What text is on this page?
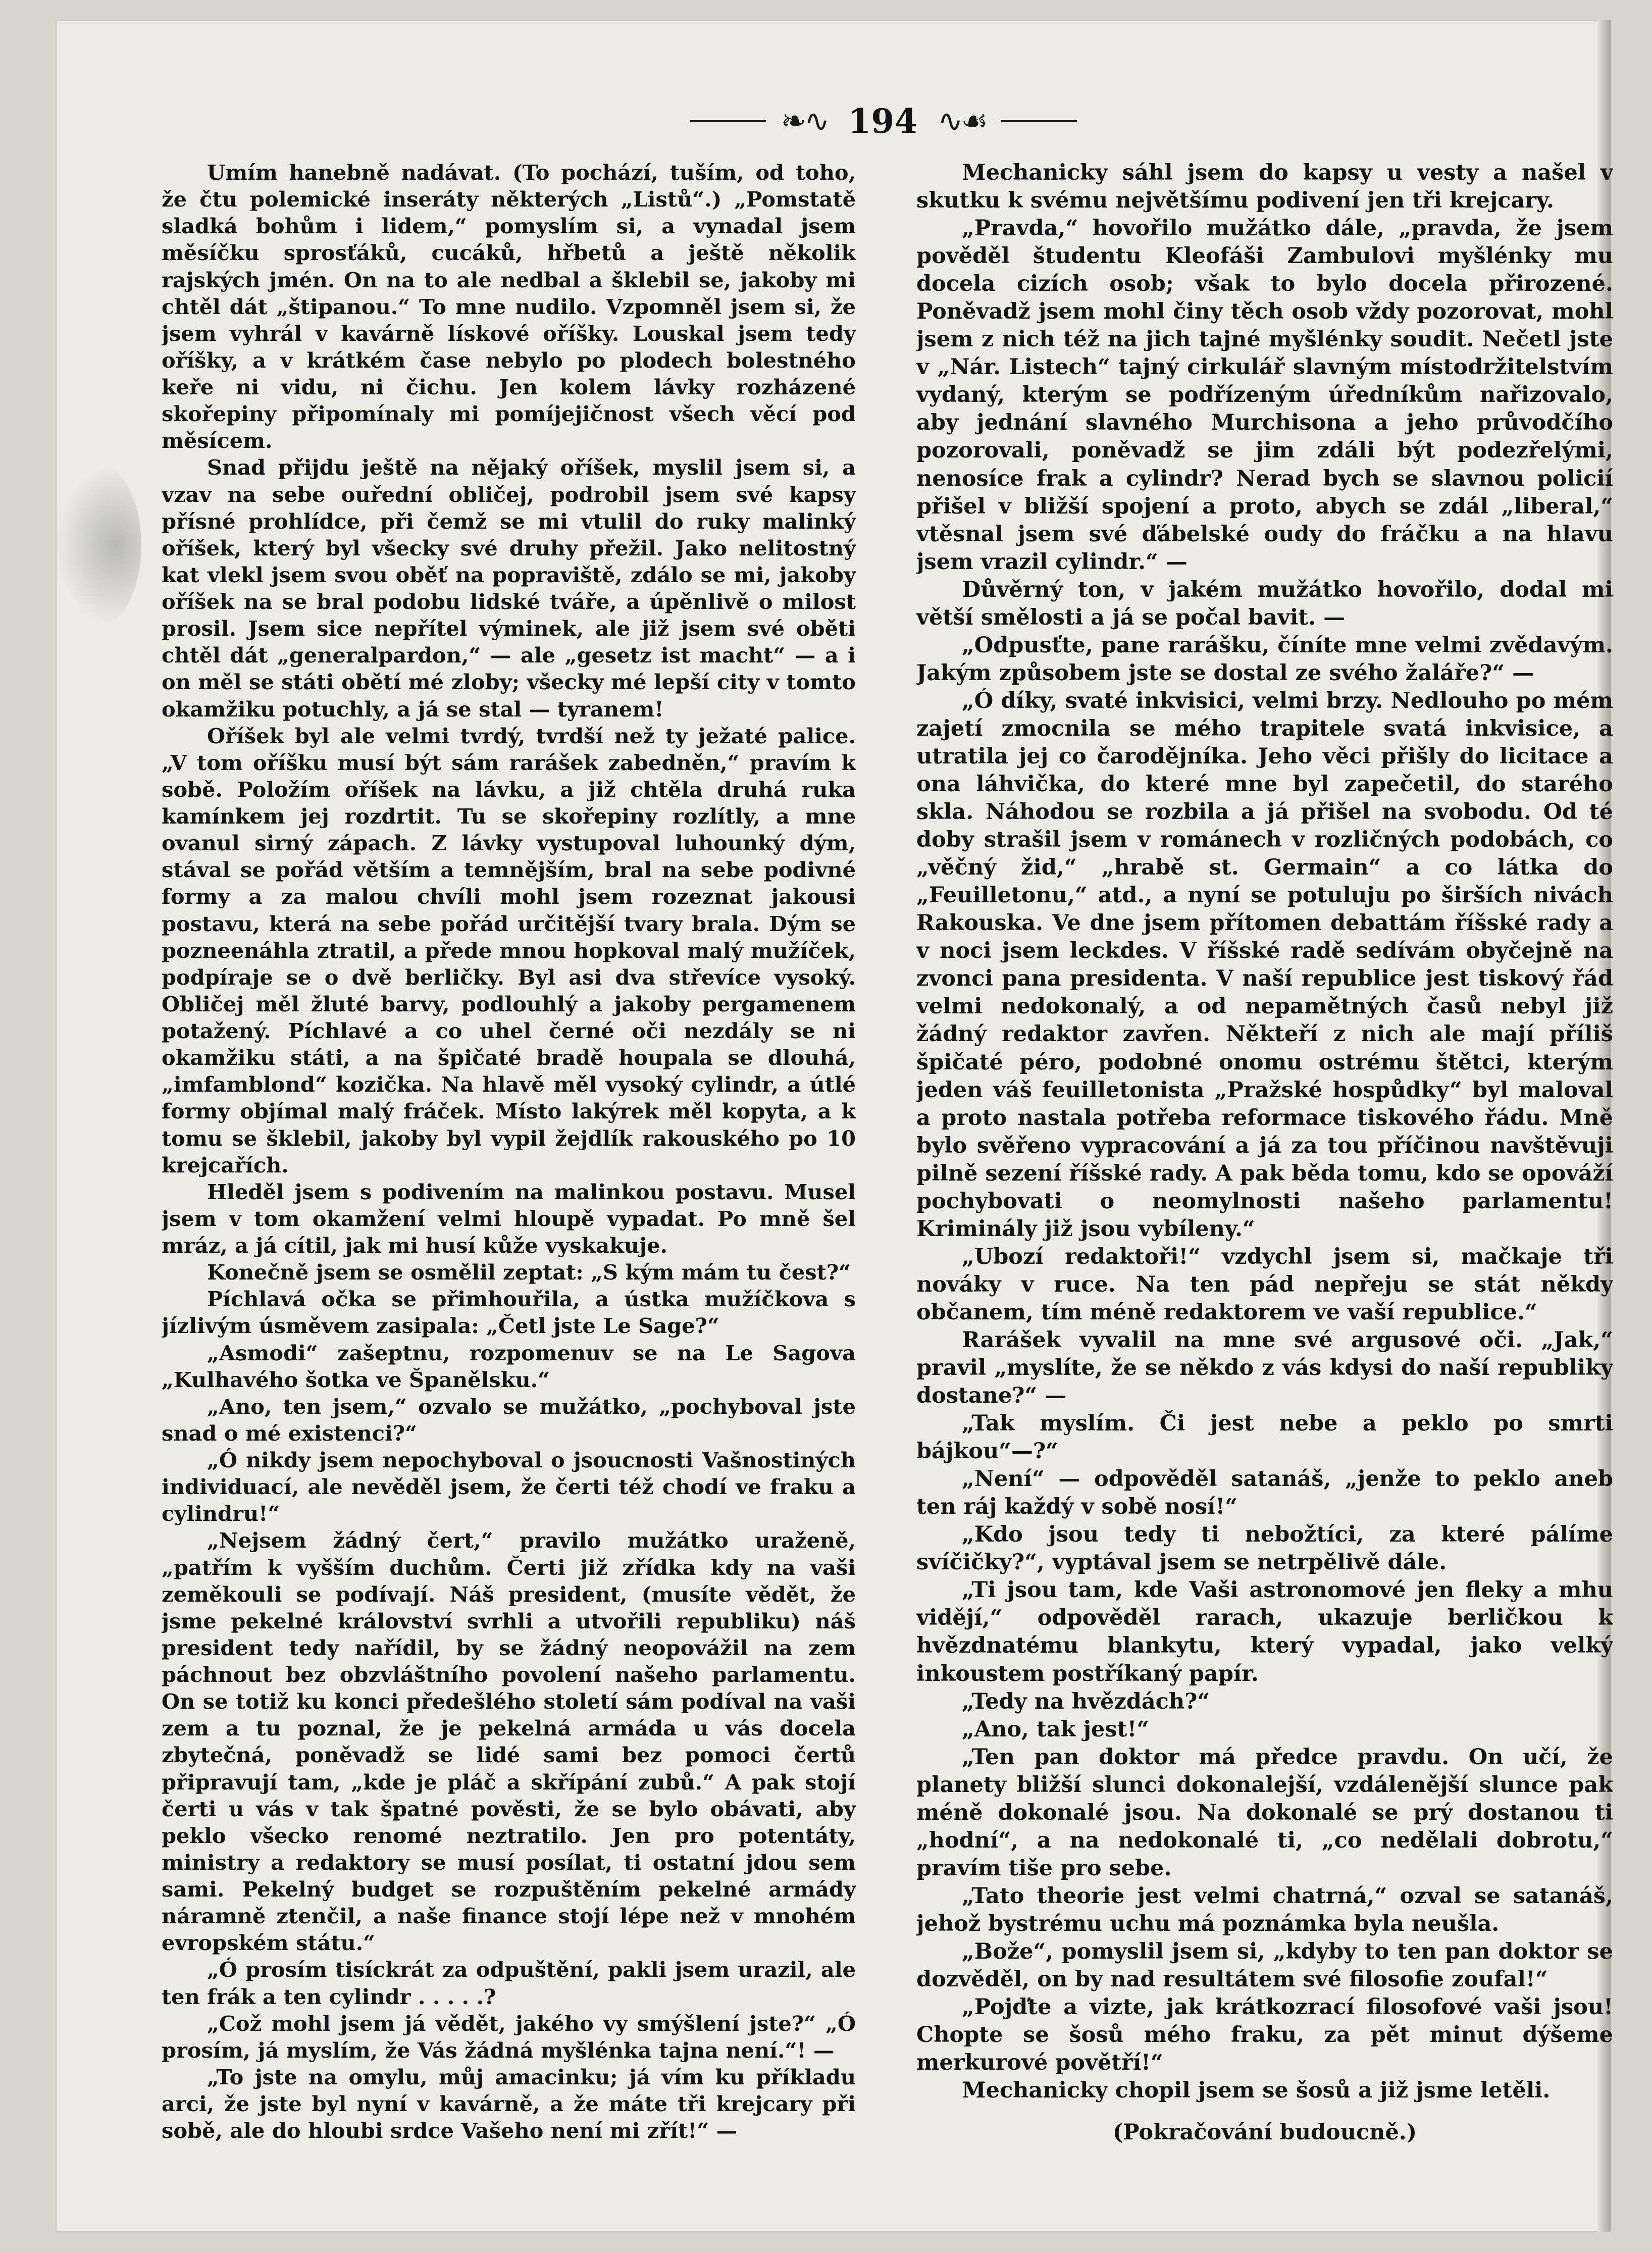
❧∿ 194 ∿☙

Umím hanebně nadávat. (To pochází, tuším, od toho, že čtu polemické inseráty některých „Listů“.) „Pomstatě sladká bohům i lidem,“ pomyslím si, a vynadal jsem měsíčku sprosťáků, cucáků, hřbetů a ještě několik rajských jmén. On na to ale nedbal a šklebil se, jakoby mi chtěl dát „štipanou.“ To mne nudilo. Vzpomněl jsem si, že jsem vyhrál v kavárně lískové oříšky. Louskal jsem tedy oříšky, a v krátkém čase nebylo po plodech bolestného keře ni vidu, ni čichu. Jen kolem lávky rozházené skořepiny připomínaly mi pomíjejičnost všech věcí pod měsícem.

Snad přijdu ještě na nějaký oříšek, myslil jsem si, a vzav na sebe ouřední obličej, podrobil jsem své kapsy přísné prohlídce, při čemž se mi vtulil do ruky malinký oříšek, který byl všecky své druhy přežil. Jako nelitostný kat vlekl jsem svou oběť na popraviště, zdálo se mi, jakoby oříšek na se bral podobu lidské tváře, a úpěnlivě o milost prosil. Jsem sice nepřítel výminek, ale již jsem své oběti chtěl dát „generalpardon,“ — ale „gesetz ist macht“ — a i on měl se státi obětí mé zloby; všecky mé lepší city v tomto okamžiku potuchly, a já se stal — tyranem!

Oříšek byl ale velmi tvrdý, tvrdší než ty ježaté palice. „V tom oříšku musí být sám rarášek zabedněn,“ pravím k sobě. Položím oříšek na lávku, a již chtěla druhá ruka kamínkem jej rozdrtit. Tu se skořepiny rozlítly, a mne ovanul sirný zápach. Z lávky vystupoval luhounký dým, stával se pořád větším a temnějším, bral na sebe podivné formy a za malou chvíli mohl jsem rozeznat jakousi postavu, která na sebe pořád určitější tvary brala. Dým se pozneenáhla ztratil, a přede mnou hopkoval malý mužíček, podpíraje se o dvě berličky. Byl asi dva střevíce vysoký. Obličej měl žluté barvy, podlouhlý a jakoby pergamenem potažený. Píchlavé a co uhel černé oči nezdály se ni okamžiku státi, a na špičaté bradě houpala se dlouhá, „imfamblond“ kozička. Na hlavě měl vysoký cylindr, a útlé formy objímal malý fráček. Místo lakýrek měl kopyta, a k tomu se šklebil, jakoby byl vypil žejdlík rakouského po 10 krejcařích.

Hleděl jsem s podivením na malinkou postavu. Musel jsem v tom okamžení velmi hloupě vypadat. Po mně šel mráz, a já cítil, jak mi husí kůže vyskakuje.

Konečně jsem se osmělil zeptat: „S kým mám tu čest?“

Píchlavá očka se přimhouřila, a ústka mužíčkova s jízlivým úsměvem zasipala: „Četl jste Le Sage?“

„Asmodi“ zašeptnu, rozpomenuv se na Le Sagova „Kulhavého šotka ve Španělsku.“

„Ano, ten jsem,“ ozvalo se mužátko, „pochyboval jste snad o mé existenci?“

„Ó nikdy jsem nepochyboval o jsoucnosti Vašnostiných individuací, ale nevěděl jsem, že čerti též chodí ve fraku a cylindru!“

„Nejsem žádný čert,“ pravilo mužátko uraženě, „patřím k vyšším duchům. Čerti již zřídka kdy na vaši zeměkouli se podívají. Náš president, (musíte vědět, že jsme pekelné království svrhli a utvořili republiku) náš president tedy nařídil, by se žádný neopovážil na zem páchnout bez obzvláštního povolení našeho parlamentu. On se totiž ku konci předešlého století sám podíval na vaši zem a tu poznal, že je pekelná armáda u vás docela zbytečná, poněvadž se lidé sami bez pomoci čertů připravují tam, „kde je pláč a skřípání zubů.“ A pak stojí čerti u vás v tak špatné pověsti, že se bylo obávati, aby peklo všecko renomé neztratilo. Jen pro potentáty, ministry a redaktory se musí posílat, ti ostatní jdou sem sami. Pekelný budget se rozpuštěním pekelné armády náramně ztenčil, a naše finance stojí lépe než v mnohém evropském státu.“

„Ó prosím tisíckrát za odpuštění, pakli jsem urazil, ale ten frák a ten cylindr . . . . .?

„Což mohl jsem já vědět, jakého vy smýšlení jste?“ „Ó prosím, já myslím, že Vás žádná myšlénka tajna není.“! —

„To jste na omylu, můj amacinku; já vím ku příkladu arci, že jste byl nyní v kavárně, a že máte tři krejcary při sobě, ale do hloubi srdce Vašeho není mi zřít!“ —

Mechanicky sáhl jsem do kapsy u vesty a našel v skutku k svému největšímu podivení jen tři krejcary.

„Pravda,“ hovořilo mužátko dále, „pravda, že jsem pověděl študentu Kleofáši Zambulovi myšlénky mu docela cizích osob; však to bylo docela přirozené. Poněvadž jsem mohl činy těch osob vždy pozorovat, mohl jsem z nich též na jich tajné myšlénky soudit. Nečetl jste v „Nár. Listech“ tajný cirkulář slavným místodržitelstvím vydaný, kterým se podřízeným úředníkům nařizovalo, aby jednání slavného Murchisona a jeho průvodčího pozorovali, poněvadž se jim zdáli být podezřelými, nenosíce frak a cylindr? Nerad bych se slavnou policií přišel v bližší spojení a proto, abych se zdál „liberal,“ vtěsnal jsem své ďábelské oudy do fráčku a na hlavu jsem vrazil cylindr.“ —

Důvěrný ton, v jakém mužátko hovořilo, dodal mi větší smělosti a já se počal bavit. —

„Odpusťte, pane rarášku, číníte mne velmi zvědavým. Jakým způsobem jste se dostal ze svého žaláře?“ —

„Ó díky, svaté inkvisici, velmi brzy. Nedlouho po mém zajetí zmocnila se mého trapitele svatá inkvisice, a utratila jej co čarodějníka. Jeho věci přišly do licitace a ona láhvička, do které mne byl zapečetil, do starého skla. Náhodou se rozbila a já přišel na svobodu. Od té doby strašil jsem v románech v rozličných podobách, co „věčný žid,“ „hrabě st. Germain“ a co látka do „Feuilletonu,“ atd., a nyní se potuluju po širších nivách Rakouska. Ve dne jsem přítomen debattám říšské rady a v noci jsem leckdes. V říšské radě sedívám obyčejně na zvonci pana presidenta. V naší republice jest tiskový řád velmi nedokonalý, a od nepamětných časů nebyl již žádný redaktor zavřen. Někteří z nich ale mají příliš špičaté péro, podobné onomu ostrému štětci, kterým jeden váš feuilletonista „Pražské hospůdky“ byl maloval a proto nastala potřeba reformace tiskového řádu. Mně bylo svěřeno vypracování a já za tou příčinou navštěvuji pilně sezení říšské rady. A pak běda tomu, kdo se opováží pochybovati o neomylnosti našeho parlamentu! Kriminály již jsou vybíleny.“

„Ubozí redaktoři!“ vzdychl jsem si, mačkaje tři nováky v ruce. Na ten pád nepřeju se stát někdy občanem, tím méně redaktorem ve vaší republice.“

Rarášek vyvalil na mne své argusové oči. „Jak,“ pravil „myslíte, že se někdo z vás kdysi do naší republiky dostane?“ —

„Tak myslím. Či jest nebe a peklo po smrti bájkou“—?“

„Není“ — odpověděl satanáš, „jenže to peklo aneb ten ráj každý v sobě nosí!“

„Kdo jsou tedy ti nebožtíci, za které pálíme svíčičky?“, vyptával jsem se netrpělivě dále.

„Ti jsou tam, kde Vaši astronomové jen fleky a mhu vidějí,“ odpověděl rarach, ukazuje berličkou k hvězdnatému blankytu, který vypadal, jako velký inkoustem postříkaný papír.

„Tedy na hvězdách?“

„Ano, tak jest!“

„Ten pan doktor má předce pravdu. On učí, že planety bližší slunci dokonalejší, vzdálenější slunce pak méně dokonalé jsou. Na dokonalé se prý dostanou ti „hodní“, a na nedokonalé ti, „co nedělali dobrotu,“ pravím tiše pro sebe.

„Tato theorie jest velmi chatrná,“ ozval se satanáš, jehož bystrému uchu má poznámka byla neušla.

„Bože“, pomyslil jsem si, „kdyby to ten pan doktor se dozvěděl, on by nad resultátem své filosofie zoufal!“

„Pojďte a vizte, jak krátkozrací filosofové vaši jsou! Chopte se šosů mého fraku, za pět minut dýšeme merkurové povětří!“

Mechanicky chopil jsem se šosů a již jsme letěli.

(Pokračování budoucně.)
